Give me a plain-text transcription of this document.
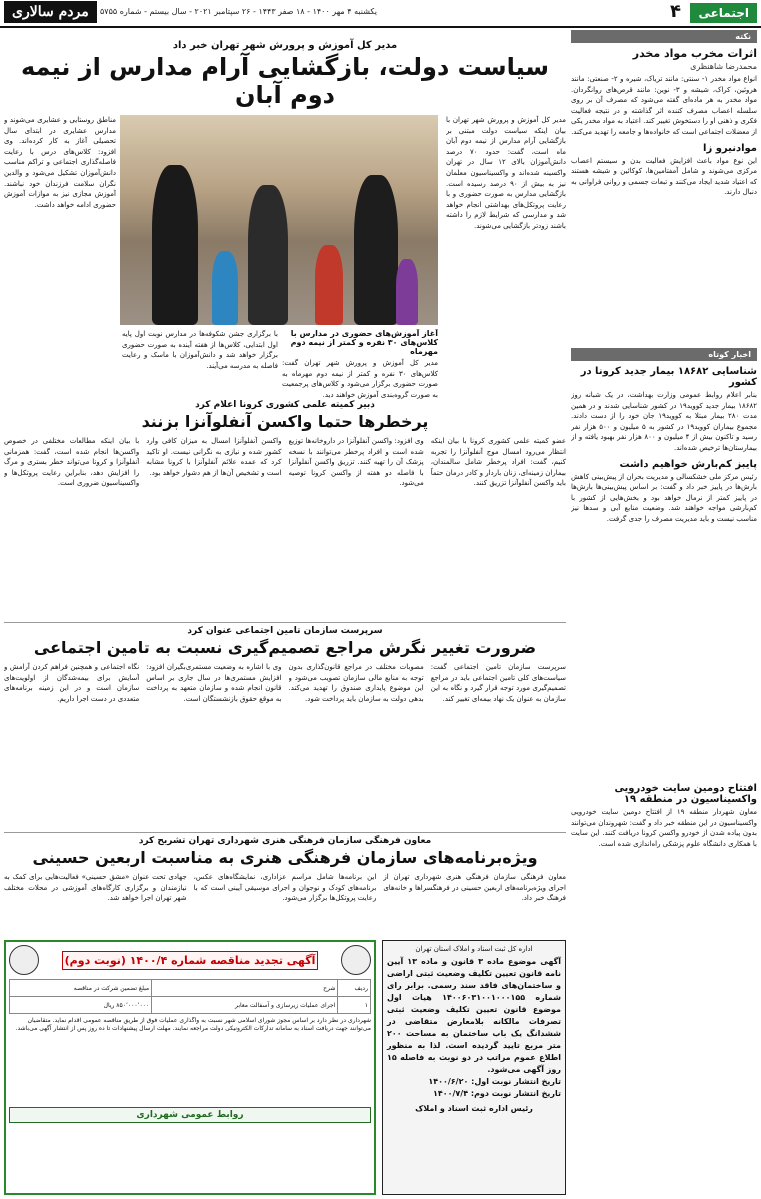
اجتماعی
۴
یکشنبه ۴ مهر ۱۴۰۰ - ۱۸ صفر ۱۴۴۳ - ۲۶ سپتامبر ۲۰۲۱ - سال بیستم - شماره ۵۷۵۵
مردم سالاری
نکته
اثرات مخرب مواد مخدر
محمدرضا شاهنظری

انواع مواد مخدر ۱- سنتی: مانند تریاک، شیره و ۲- صنعتی: مانند هروئین، کراک، شیشه و ۳- نوین: مانند قرص‌های روانگردان. مواد مخدر به هر ماده‌ای گفته می‌شود که مصرف آن بر روی سلسله اعصاب مصرف کننده اثر گذاشته و در نتیجه فعالیت فکری و ذهنی او را دستخوش تغییر کند. اعتیاد به مواد مخدر یکی از معضلات اجتماعی است که خانواده‌ها و جامعه را تهدید می‌کند.

موادنیرو زا

این نوع مواد باعث افزایش فعالیت بدن و سیستم اعصاب مرکزی می‌شوند و شامل آمفتامین‌ها، کوکائین و شیشه هستند که اعتیاد شدید ایجاد می‌کنند و تبعات جسمی و روانی فراوانی به دنبال دارند.

اخبار کوتاه
شناسایی ۱۸۶۸۲ بیمار جدید کرونا در کشور

بنابر اعلام روابط عمومی وزارت بهداشت، در یک شبانه روز ۱۸۶۸۲ بیمار جدید کووید۱۹ در کشور شناسایی شدند و در همین مدت ۲۸۰ بیمار مبتلا به کووید۱۹ جان خود را از دست دادند. مجموع بیماران کووید۱۹ در کشور به ۵ میلیون و ۵۰۰ هزار نفر رسید و تاکنون بیش از ۴ میلیون و ۸۰۰ هزار نفر بهبود یافته و از بیمارستان‌ها ترخیص شده‌اند.

پایبز کم‌بارش خواهیم داشت

رئیس مرکز ملی خشکسالی و مدیریت بحران از پیش‌بینی کاهش بارش‌ها در پاییز خبر داد و گفت: بر اساس پیش‌بینی‌ها بارش‌ها در پاییز کمتر از نرمال خواهد بود و بخش‌هایی از کشور با کم‌بارشی مواجه خواهند شد. وضعیت منابع آبی و سدها نیز مناسب نیست و باید مدیریت مصرف را جدی گرفت.

افتتاح دومین سایت خودرویی واکسیناسیون در منطقه ۱۹

معاون شهردار منطقه ۱۹ از افتتاح دومین سایت خودرویی واکسیناسیون در این منطقه خبر داد و گفت: شهروندان می‌توانند بدون پیاده شدن از خودرو واکسن کرونا دریافت کنند. این سایت با همکاری دانشگاه علوم پزشکی راه‌اندازی شده است.

مدیر کل آموزش و پرورش شهر تهران خبر داد
سیاست دولت، بازگشایی آرام مدارس از نیمه دوم آبان

مدیر کل آموزش و پرورش شهر تهران با بیان اینکه سیاست دولت مبتنی بر بازگشایی آرام مدارس از نیمه دوم آبان ماه است، گفت: حدود ۷۰ درصد دانش‌آموزان بالای ۱۲ سال در تهران واکسینه شده‌اند و واکسیناسیون معلمان نیز به بیش از ۹۰ درصد رسیده است. بازگشایی مدارس به صورت حضوری و با رعایت پروتکل‌های بهداشتی انجام خواهد شد و مدارسی که شرایط لازم را داشته باشند زودتر بازگشایی می‌شوند.

آغاز آموزش‌های حضوری در مدارس با کلاس‌های ۳۰ نفره و کمتر از نیمه دوم مهرماه

مدیر کل آموزش و پرورش شهر تهران گفت: کلاس‌های ۳۰ نفره و کمتر از نیمه دوم مهرماه به صورت حضوری برگزار می‌شود و کلاس‌های پرجمعیت به صورت گروه‌بندی آموزش خواهند دید.

با برگزاری جشن شکوفه‌ها در مدارس نوبت اول پایه اول ابتدایی، کلاس‌ها از هفته آینده به صورت حضوری برگزار خواهد شد و دانش‌آموزان با ماسک و رعایت فاصله به مدرسه می‌آیند.

مناطق روستایی و عشایری می‌شوند و مدارس عشایری در ابتدای سال تحصیلی آغاز به کار کرده‌اند. وی افزود: کلاس‌های درس با رعایت فاصله‌گذاری اجتماعی و تراکم مناسب دانش‌آموزان تشکیل می‌شود و والدین نگران سلامت فرزندان خود نباشند. آموزش مجازی نیز به موازات آموزش حضوری ادامه خواهد داشت.

دبیر کمیته علمی کشوری کرونا اعلام کرد
پرخطرها حتما واکسن آنفلوآنزا بزنند

عضو کمیته علمی کشوری کرونا با بیان اینکه انتظار می‌رود امسال موج آنفلوآنزا را تجربه کنیم، گفت: افراد پرخطر شامل سالمندان، بیماران زمینه‌ای، زنان باردار و کادر درمان حتماً باید واکسن آنفلوآنزا تزریق کنند.

وی افزود: واکسن آنفلوآنزا در داروخانه‌ها توزیع شده است و افراد پرخطر می‌توانند با نسخه پزشک آن را تهیه کنند. تزریق واکسن آنفلوآنزا با فاصله دو هفته از واکسن کرونا توصیه می‌شود.

واکسن آنفلوآنزا امسال به میزان کافی وارد کشور شده و نیازی به نگرانی نیست. او تاکید کرد که عمده علائم آنفلوآنزا با کرونا مشابه است و تشخیص آن‌ها از هم دشوار خواهد بود.

با بیان اینکه مطالعات مختلفی در خصوص واکسن‌ها انجام شده است، گفت: همزمانی آنفلوآنزا و کرونا می‌تواند خطر بستری و مرگ را افزایش دهد، بنابراین رعایت پروتکل‌ها و واکسیناسیون ضروری است.

سرپرست سازمان تامین اجتماعی عنوان کرد
ضرورت تغییر نگرش مراجع تصمیم‌گیری نسبت به تامین اجتماعی

سرپرست سازمان تامین اجتماعی گفت: سیاست‌های کلی تامین اجتماعی باید در مراجع تصمیم‌گیری مورد توجه قرار گیرد و نگاه به این سازمان به عنوان یک نهاد بیمه‌ای تغییر کند.

مصوبات مختلف در مراجع قانون‌گذاری بدون توجه به منابع مالی سازمان تصویب می‌شود و این موضوع پایداری صندوق را تهدید می‌کند. بدهی دولت به سازمان باید پرداخت شود.

وی با اشاره به وضعیت مستمری‌بگیران افزود: افزایش مستمری‌ها در سال جاری بر اساس قانون انجام شده و سازمان متعهد به پرداخت به موقع حقوق بازنشستگان است.

نگاه اجتماعی و همچنین فراهم کردن آرامش و آسایش برای بیمه‌شدگان از اولویت‌های سازمان است و در این زمینه برنامه‌های متعددی در دست اجرا داریم.

معاون فرهنگی سازمان فرهنگی هنری شهرداری تهران تشریح کرد
ویژه‌برنامه‌های سازمان فرهنگی هنری به مناسبت اربعین حسینی

معاون فرهنگی سازمان فرهنگی هنری شهرداری تهران از اجرای ویژه‌برنامه‌های اربعین حسینی در فرهنگسراها و خانه‌های فرهنگ خبر داد.

این برنامه‌ها شامل مراسم عزاداری، نمایشگاه‌های عکس، برنامه‌های کودک و نوجوان و اجرای موسیقی آیینی است که با رعایت پروتکل‌ها برگزار می‌شود.

جهادی تحت عنوان «مشق حسینی» فعالیت‌هایی برای کمک به نیازمندان و برگزاری کارگاه‌های آموزشی در محلات مختلف شهر تهران اجرا خواهد شد.

آگهی تجدید مناقصه شماره ۱۴۰۰/۴ (نوبت دوم)
ردیف	شرح	مبلغ تضمین شرکت در مناقصه
۱	اجرای عملیات زیرسازی و آسفالت معابر	۸۵۰٬۰۰۰٬۰۰۰ ریال
شهرداری در نظر دارد بر اساس مجوز شورای اسلامی شهر نسبت به واگذاری عملیات فوق از طریق مناقصه عمومی اقدام نماید. متقاضیان می‌توانند جهت دریافت اسناد به سامانه تدارکات الکترونیکی دولت مراجعه نمایند. مهلت ارسال پیشنهادات تا ده روز پس از انتشار آگهی می‌باشد.
روابط عمومی شهرداری
اداره کل ثبت اسناد و املاک استان تهران

آگهی موضوع ماده ۳ قانون و ماده ۱۳ آیین نامه قانون تعیین تکلیف وضعیت ثبتی اراضی و ساختمان‌های فاقد سند رسمی. برابر رای شماره ۱۴۰۰۶۰۳۱۰۰۱۰۰۰۱۵۵ هیات اول موضوع قانون تعیین تکلیف وضعیت ثبتی تصرفات مالکانه بلامعارض متقاضی در ششدانگ یک باب ساختمان به مساحت ۲۰۰ متر مربع تایید گردیده است. لذا به منظور اطلاع عموم مراتب در دو نوبت به فاصله ۱۵ روز آگهی می‌شود.

تاریخ انتشار نوبت اول: ۱۴۰۰/۶/۲۰

تاریخ انتشار نوبت دوم: ۱۴۰۰/۷/۴

رئیس اداره ثبت اسناد و املاک
